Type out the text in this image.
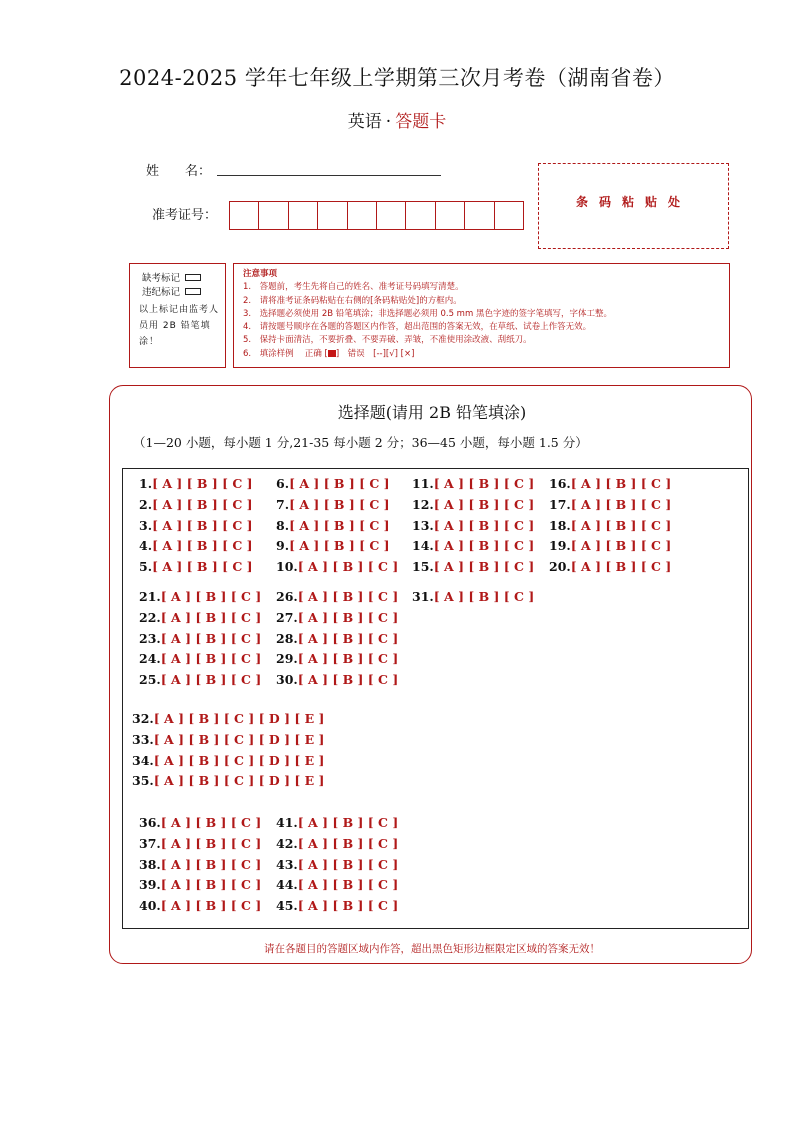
2024-2025 学年七年级上学期第三次月考卷（湖南省卷）
英语 · 答题卡
姓　　名：
准考证号：
条码粘贴处
缺考标记
违纪标记
以上标记由监考人员用 2B 铅笔填涂！
注意事项
1.　答题前，考生先将自己的姓名、准考证号码填写清楚。
2.　请将准考证条码粘贴在右侧的[条码粘贴处]的方框内。
3.　选择题必须使用 2B 铅笔填涂；非选择题必须用 0.5 mm 黑色字迹的签字笔填写，字体工整。
4.　请按题号顺序在各题的答题区内作答，超出范围的答案无效，在草纸、试卷上作答无效。
5.　保持卡面清洁，不要折叠、不要弄破、弄皱，不准使用涂改液、刮纸刀。
6.　填涂样例　 正确 [ ]　错误　[--][√] [×]
选择题(请用 2B 铅笔填涂)
（1—20 小题，每小题 1 分,21-35 每小题 2 分；36—45 小题，每小题 1.5 分）
1.[ A ] [ B ] [ C ]
2.[ A ] [ B ] [ C ]
3.[ A ] [ B ] [ C ]
4.[ A ] [ B ] [ C ]
5.[ A ] [ B ] [ C ]
6.[ A ] [ B ] [ C ]
7.[ A ] [ B ] [ C ]
8.[ A ] [ B ] [ C ]
9.[ A ] [ B ] [ C ]
10.[ A ] [ B ] [ C ]
11.[ A ] [ B ] [ C ]
12.[ A ] [ B ] [ C ]
13.[ A ] [ B ] [ C ]
14.[ A ] [ B ] [ C ]
15.[ A ] [ B ] [ C ]
16.[ A ] [ B ] [ C ]
17.[ A ] [ B ] [ C ]
18.[ A ] [ B ] [ C ]
19.[ A ] [ B ] [ C ]
20.[ A ] [ B ] [ C ]
21.[ A ] [ B ] [ C ]
22.[ A ] [ B ] [ C ]
23.[ A ] [ B ] [ C ]
24.[ A ] [ B ] [ C ]
25.[ A ] [ B ] [ C ]
26.[ A ] [ B ] [ C ]
27.[ A ] [ B ] [ C ]
28.[ A ] [ B ] [ C ]
29.[ A ] [ B ] [ C ]
30.[ A ] [ B ] [ C ]
31.[ A ] [ B ] [ C ]
32.[ A ] [ B ] [ C ] [ D ] [ E ]
33.[ A ] [ B ] [ C ] [ D ] [ E ]
34.[ A ] [ B ] [ C ] [ D ] [ E ]
35.[ A ] [ B ] [ C ] [ D ] [ E ]
36.[ A ] [ B ] [ C ]
37.[ A ] [ B ] [ C ]
38.[ A ] [ B ] [ C ]
39.[ A ] [ B ] [ C ]
40.[ A ] [ B ] [ C ]
41.[ A ] [ B ] [ C ]
42.[ A ] [ B ] [ C ]
43.[ A ] [ B ] [ C ]
44.[ A ] [ B ] [ C ]
45.[ A ] [ B ] [ C ]
请在各题目的答题区域内作答，超出黑色矩形边框限定区域的答案无效！
